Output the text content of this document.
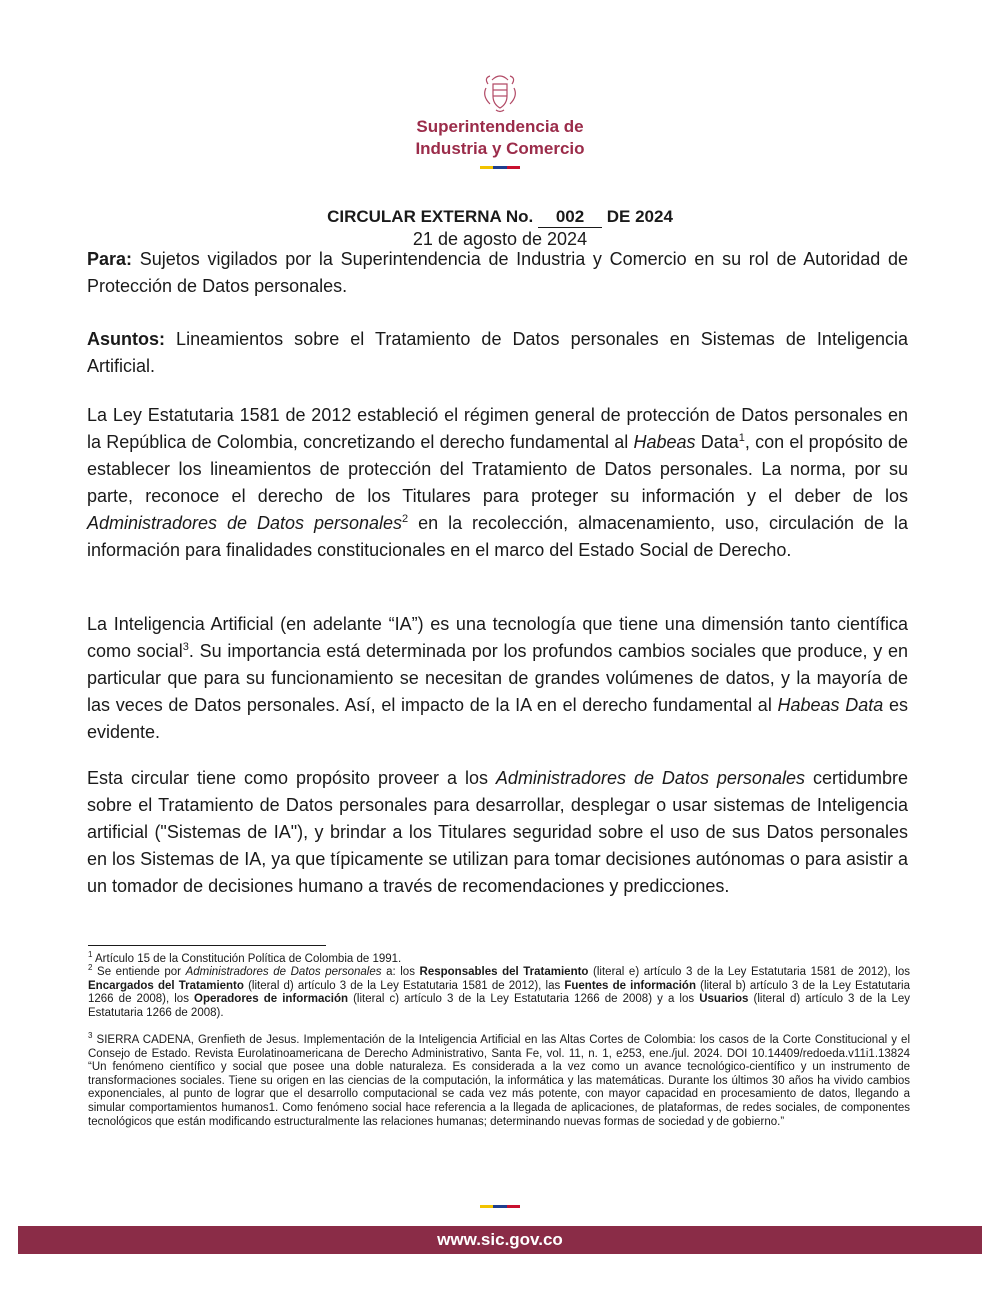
Superintendencia de
Industria y Comercio
CIRCULAR EXTERNA No. 002 DE 2024
21 de agosto de 2024
Para: Sujetos vigilados por la Superintendencia de Industria y Comercio en su rol de Autoridad de Protección de Datos personales.
Asuntos: Lineamientos sobre el Tratamiento de Datos personales en Sistemas de Inteligencia Artificial.
La Ley Estatutaria 1581 de 2012 estableció el régimen general de protección de Datos personales en la República de Colombia, concretizando el derecho fundamental al Habeas Data$^1$, con el propósito de establecer los lineamientos de protección del Tratamiento de Datos personales. La norma, por su parte, reconoce el derecho de los Titulares para proteger su información y el deber de los Administradores de Datos personales$^2$ en la recolección, almacenamiento, uso, circulación de la información para finalidades constitucionales en el marco del Estado Social de Derecho.
La Inteligencia Artificial (en adelante “IA”) es una tecnología que tiene una dimensión tanto científica como social$^3$. Su importancia está determinada por los profundos cambios sociales que produce, y en particular que para su funcionamiento se necesitan de grandes volúmenes de datos, y la mayoría de las veces de Datos personales. Así, el impacto de la IA en el derecho fundamental al Habeas Data es evidente.
Esta circular tiene como propósito proveer a los Administradores de Datos personales certidumbre sobre el Tratamiento de Datos personales para desarrollar, desplegar o usar sistemas de Inteligencia artificial ("Sistemas de IA"), y brindar a los Titulares seguridad sobre el uso de sus Datos personales en los Sistemas de IA, ya que típicamente se utilizan para tomar decisiones autónomas o para asistir a un tomador de decisiones humano a través de recomendaciones y predicciones.
$^1$ Artículo 15 de la Constitución Política de Colombia de 1991.
$^2$ Se entiende por Administradores de Datos personales a: los Responsables del Tratamiento (literal e) artículo 3 de la Ley Estatutaria 1581 de 2012), los Encargados del Tratamiento (literal d) artículo 3 de la Ley Estatutaria 1581 de 2012), las Fuentes de información (literal b) artículo 3 de la Ley Estatutaria 1266 de 2008), los Operadores de información (literal c) artículo 3 de la Ley Estatutaria 1266 de 2008) y a los Usuarios (literal d) artículo 3 de la Ley Estatutaria 1266 de 2008).
$^3$ SIERRA CADENA, Grenfieth de Jesus. Implementación de la Inteligencia Artificial en las Altas Cortes de Colombia: los casos de la Corte Constitucional y el Consejo de Estado. Revista Eurolatinoamericana de Derecho Administrativo, Santa Fe, vol. 11, n. 1, e253, ene./jul. 2024. DOI 10.14409/redoeda.v11i1.13824 “Un fenómeno científico y social que posee una doble naturaleza. Es considerada a la vez como un avance tecnológico-científico y un instrumento de transformaciones sociales. Tiene su origen en las ciencias de la computación, la informática y las matemáticas. Durante los últimos 30 años ha vivido cambios exponenciales, al punto de lograr que el desarrollo computacional se cada vez más potente, con mayor capacidad en procesamiento de datos, llegando a simular comportamientos humanos1. Como fenómeno social hace referencia a la llegada de aplicaciones, de plataformas, de redes sociales, de componentes tecnológicos que están modificando estructuralmente las relaciones humanas; determinando nuevas formas de sociedad y de gobierno.”
www.sic.gov.co
